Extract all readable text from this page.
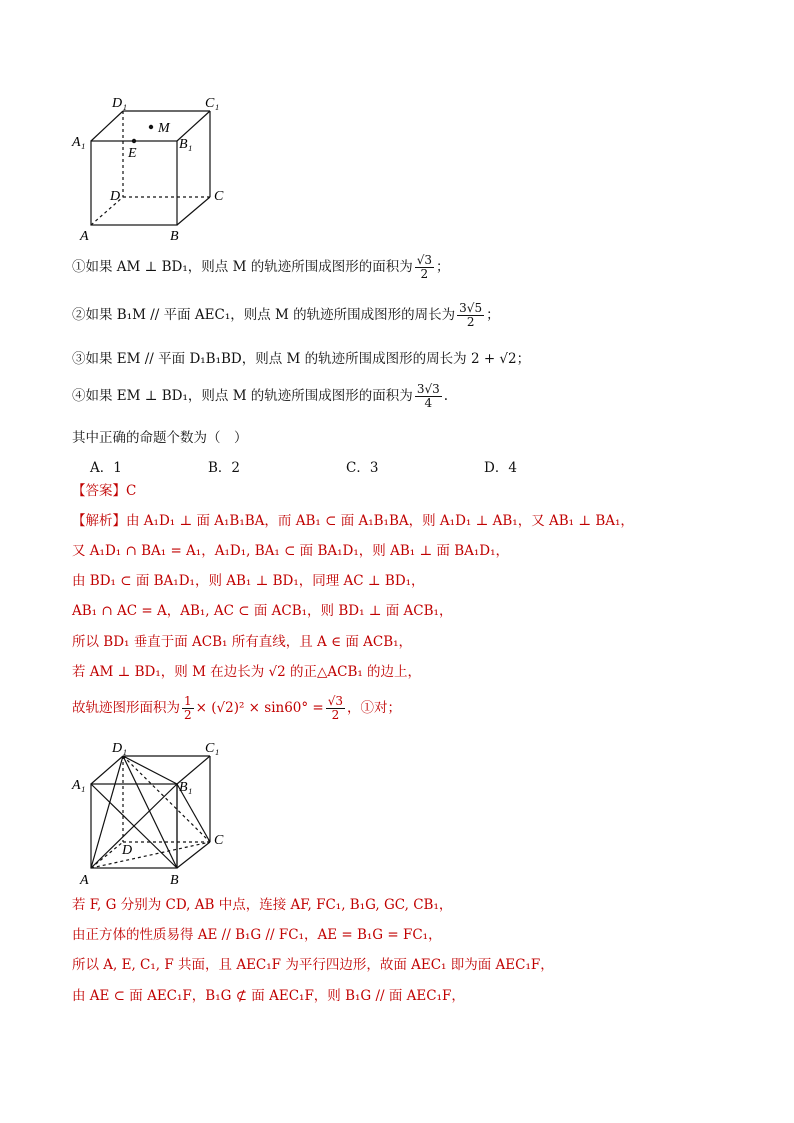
D₁	C₁
A₁	B₁
M
E
D	C
A	B
①如果 AM ⊥ BD₁，则点 M 的轨迹所围成图形的面积为 $\frac{√3}{2}$ ；
②如果 B₁M // 平面 AEC₁，则点 M 的轨迹所围成图形的周长为 $\frac{3√5}{2}$ ；
③如果 EM // 平面 D₁B₁BD，则点 M 的轨迹所围成图形的周长为 2 + √2；
④如果 EM ⊥ BD₁，则点 M 的轨迹所围成图形的面积为 $\frac{3√3}{4}$ .
其中正确的命题个数为（　）
A．1	B．2	C．3	D．4
【答案】C
【解析】由 A₁D₁ ⊥ 面 A₁B₁BA，而 AB₁ ⊂ 面 A₁B₁BA，则 A₁D₁ ⊥ AB₁，又 AB₁ ⊥ BA₁，
又 A₁D₁ ∩ BA₁ = A₁，A₁D₁, BA₁ ⊂ 面 BA₁D₁，则 AB₁ ⊥ 面 BA₁D₁，
由 BD₁ ⊂ 面 BA₁D₁，则 AB₁ ⊥ BD₁，同理 AC ⊥ BD₁，
AB₁ ∩ AC = A，AB₁, AC ⊂ 面 ACB₁，则 BD₁ ⊥ 面 ACB₁，
所以 BD₁ 垂直于面 ACB₁ 所有直线，且 A ∈ 面 ACB₁，
若 AM ⊥ BD₁，则 M 在边长为 √2 的正△ACB₁ 的边上，
故轨迹图形面积为 $\frac{1}{2} \times (√2)^2 \times \sin 60^\circ = \frac{√3}{2}$ ，①对；
D₁	C₁
A₁	B₁
D
C
A	B
若 F, G 分别为 CD, AB 中点，连接 AF, FC₁, B₁G, GC, CB₁，
由正方体的性质易得 AE // B₁G // FC₁，AE = B₁G = FC₁，
所以 A, E, C₁, F 共面，且 AEC₁F 为平行四边形，故面 AEC₁ 即为面 AEC₁F，
由 AE ⊂ 面 AEC₁F，B₁G ⊄ 面 AEC₁F，则 B₁G // 面 AEC₁F，
